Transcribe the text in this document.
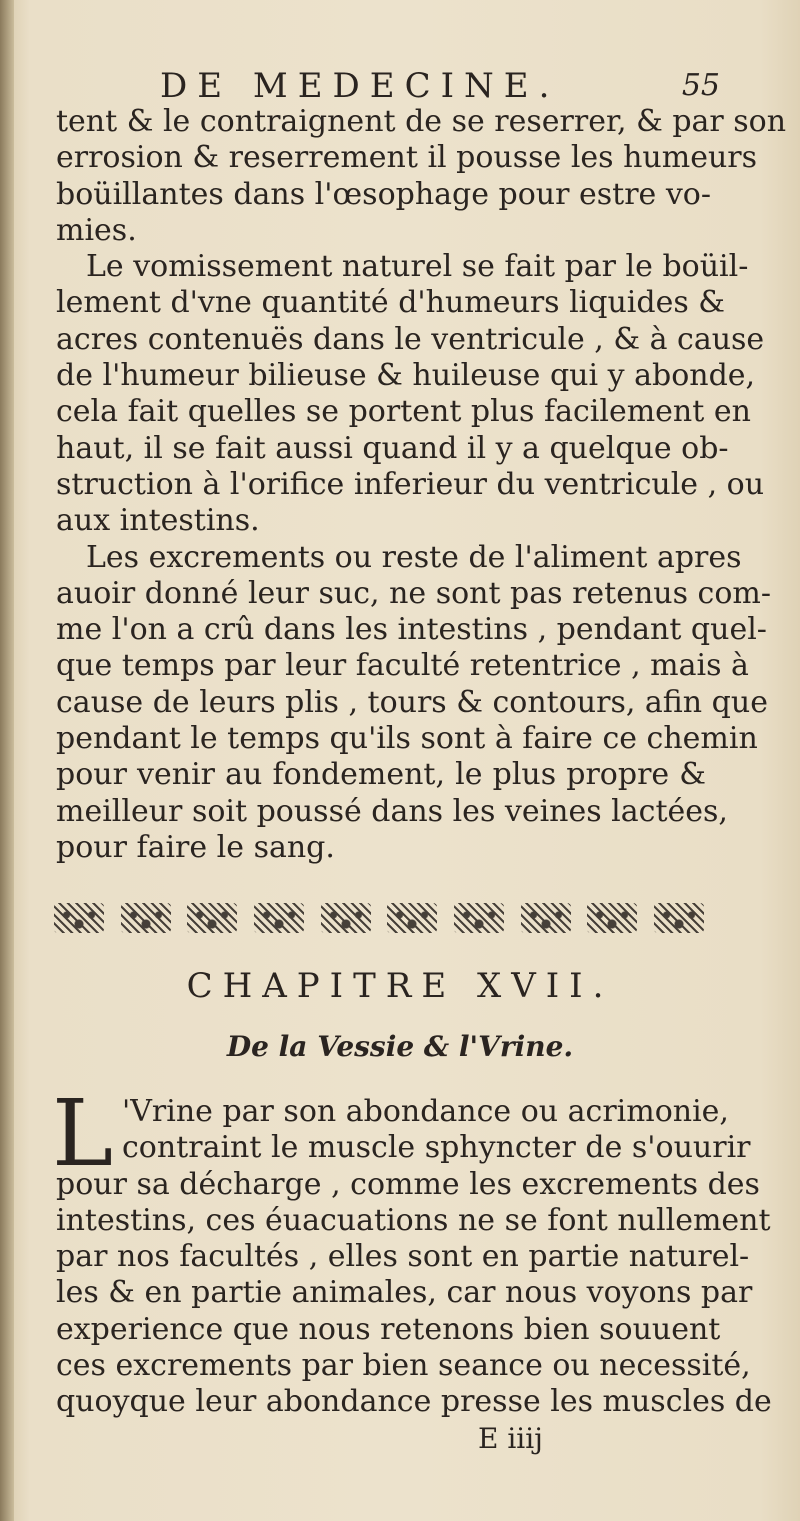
DE MEDECINE.	55
tent & le contraignent de se reserrer, & par son
errosion & reserrement il pousse les humeurs
boüillantes dans l'œsophage pour estre vo-
mies.
Le vomissement naturel se fait par le boüil-
lement d'vne quantité d'humeurs liquides &
acres contenuës dans le ventricule , & à cause
de l'humeur bilieuse & huileuse qui y abonde,
cela fait quelles se portent plus facilement en
haut, il se fait aussi quand il y a quelque ob-
struction à l'orifice inferieur du ventricule , ou
aux intestins.
Les excrements ou reste de l'aliment apres
auoir donné leur suc, ne sont pas retenus com-
me l'on a crû dans les intestins , pendant quel-
que temps par leur faculté retentrice , mais à
cause de leurs plis , tours & contours, afin que
pendant le temps qu'ils sont à faire ce chemin
pour venir au fondement, le plus propre &
meilleur soit poussé dans les veines lactées,
pour faire le sang.
CHAPITRE XVII.
De la Vessie & l'Vrine.
L 'Vrine par son abondance ou acrimonie,
contraint le muscle sphyncter de s'ouurir
pour sa décharge , comme les excrements des
intestins, ces éuacuations ne se font nullement
par nos facultés , elles sont en partie naturel-
les & en partie animales, car nous voyons par
experience que nous retenons bien souuent
ces excrements par bien seance ou necessité,
quoyque leur abondance presse les muscles de
E iiij
